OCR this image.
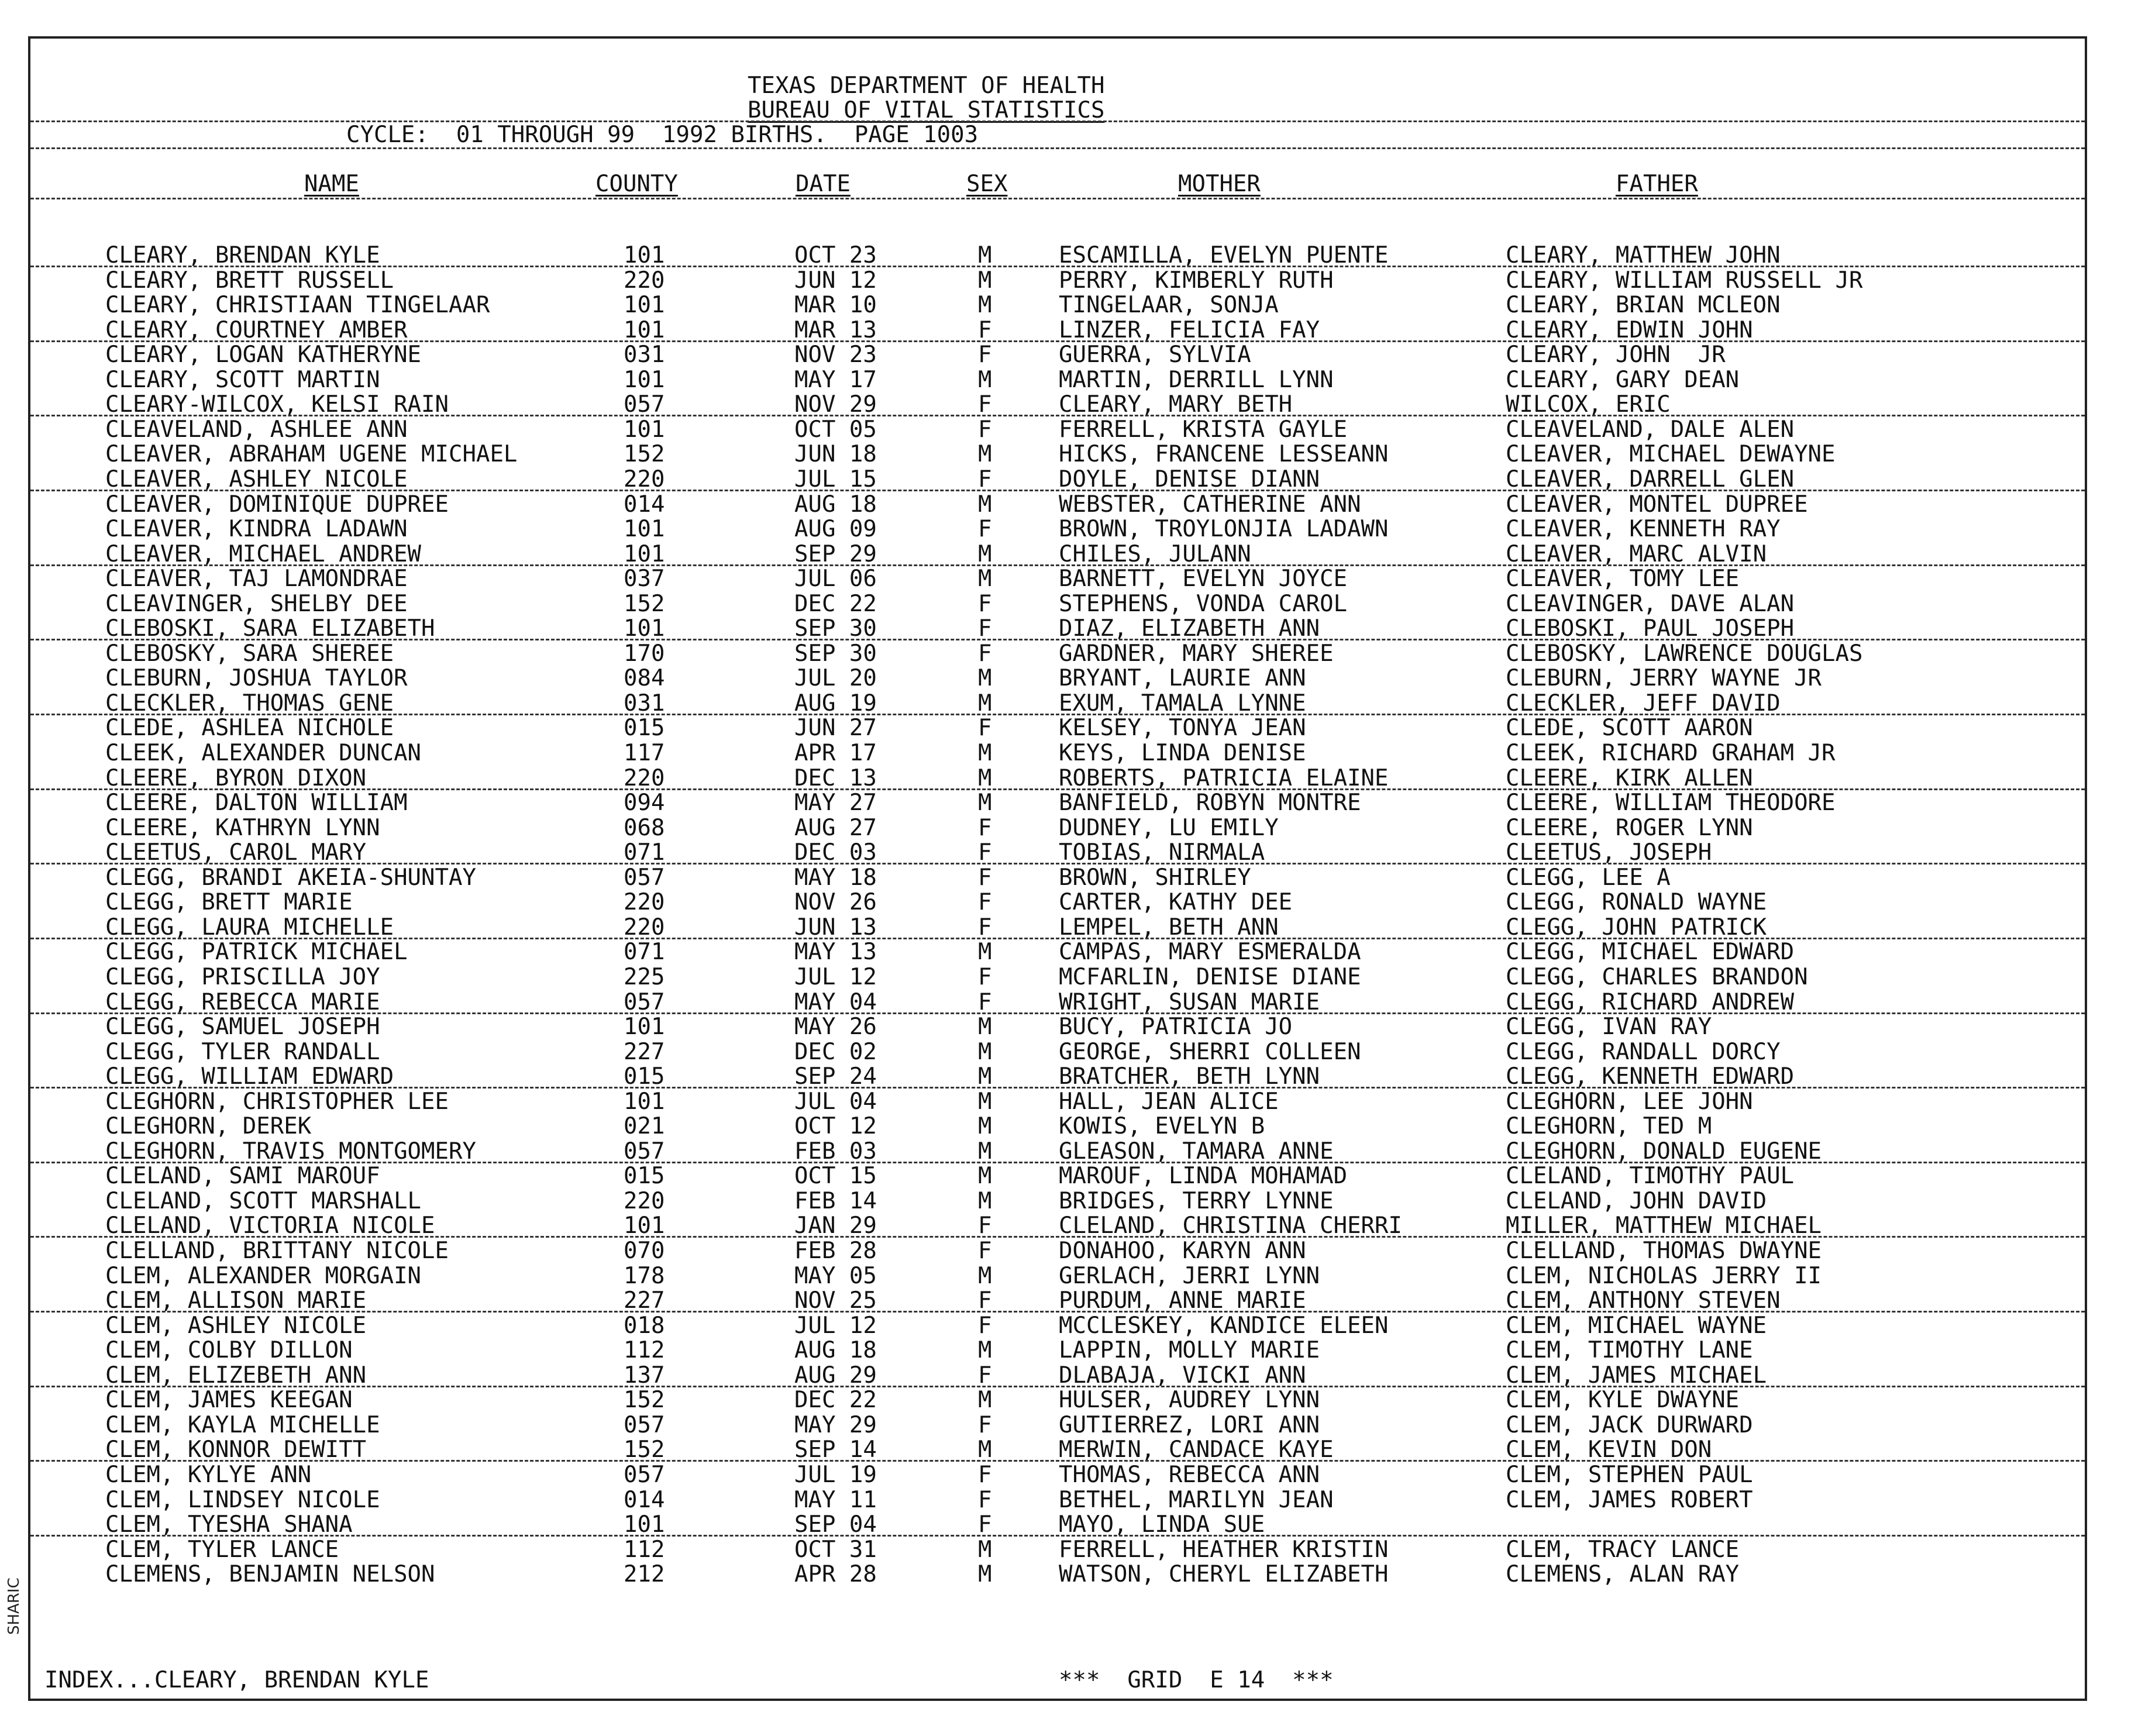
TEXAS DEPARTMENT OF HEALTH
BUREAU OF VITAL STATISTICS
CYCLE:  01 THROUGH 99  1992 BIRTHS.  PAGE 1003
NAME	COUNTY	DATE	SEX	MOTHER	FATHER
CLEARY, BRENDAN KYLE	101	OCT 23	M	ESCAMILLA, EVELYN PUENTE	CLEARY, MATTHEW JOHN
CLEARY, BRETT RUSSELL	220	JUN 12	M	PERRY, KIMBERLY RUTH	CLEARY, WILLIAM RUSSELL JR
CLEARY, CHRISTIAAN TINGELAAR	101	MAR 10	M	TINGELAAR, SONJA	CLEARY, BRIAN MCLEON
CLEARY, COURTNEY AMBER	101	MAR 13	F	LINZER, FELICIA FAY	CLEARY, EDWIN JOHN
CLEARY, LOGAN KATHERYNE	031	NOV 23	F	GUERRA, SYLVIA	CLEARY, JOHN  JR
CLEARY, SCOTT MARTIN	101	MAY 17	M	MARTIN, DERRILL LYNN	CLEARY, GARY DEAN
CLEARY-WILCOX, KELSI RAIN	057	NOV 29	F	CLEARY, MARY BETH	WILCOX, ERIC
CLEAVELAND, ASHLEE ANN	101	OCT 05	F	FERRELL, KRISTA GAYLE	CLEAVELAND, DALE ALEN
CLEAVER, ABRAHAM UGENE MICHAEL	152	JUN 18	M	HICKS, FRANCENE LESSEANN	CLEAVER, MICHAEL DEWAYNE
CLEAVER, ASHLEY NICOLE	220	JUL 15	F	DOYLE, DENISE DIANN	CLEAVER, DARRELL GLEN
CLEAVER, DOMINIQUE DUPREE	014	AUG 18	M	WEBSTER, CATHERINE ANN	CLEAVER, MONTEL DUPREE
CLEAVER, KINDRA LADAWN	101	AUG 09	F	BROWN, TROYLONJIA LADAWN	CLEAVER, KENNETH RAY
CLEAVER, MICHAEL ANDREW	101	SEP 29	M	CHILES, JULANN	CLEAVER, MARC ALVIN
CLEAVER, TAJ LAMONDRAE	037	JUL 06	M	BARNETT, EVELYN JOYCE	CLEAVER, TOMY LEE
CLEAVINGER, SHELBY DEE	152	DEC 22	F	STEPHENS, VONDA CAROL	CLEAVINGER, DAVE ALAN
CLEBOSKI, SARA ELIZABETH	101	SEP 30	F	DIAZ, ELIZABETH ANN	CLEBOSKI, PAUL JOSEPH
CLEBOSKY, SARA SHEREE	170	SEP 30	F	GARDNER, MARY SHEREE	CLEBOSKY, LAWRENCE DOUGLAS
CLEBURN, JOSHUA TAYLOR	084	JUL 20	M	BRYANT, LAURIE ANN	CLEBURN, JERRY WAYNE JR
CLECKLER, THOMAS GENE	031	AUG 19	M	EXUM, TAMALA LYNNE	CLECKLER, JEFF DAVID
CLEDE, ASHLEA NICHOLE	015	JUN 27	F	KELSEY, TONYA JEAN	CLEDE, SCOTT AARON
CLEEK, ALEXANDER DUNCAN	117	APR 17	M	KEYS, LINDA DENISE	CLEEK, RICHARD GRAHAM JR
CLEERE, BYRON DIXON	220	DEC 13	M	ROBERTS, PATRICIA ELAINE	CLEERE, KIRK ALLEN
CLEERE, DALTON WILLIAM	094	MAY 27	M	BANFIELD, ROBYN MONTRE	CLEERE, WILLIAM THEODORE
CLEERE, KATHRYN LYNN	068	AUG 27	F	DUDNEY, LU EMILY	CLEERE, ROGER LYNN
CLEETUS, CAROL MARY	071	DEC 03	F	TOBIAS, NIRMALA	CLEETUS, JOSEPH
CLEGG, BRANDI AKEIA-SHUNTAY	057	MAY 18	F	BROWN, SHIRLEY	CLEGG, LEE A
CLEGG, BRETT MARIE	220	NOV 26	F	CARTER, KATHY DEE	CLEGG, RONALD WAYNE
CLEGG, LAURA MICHELLE	220	JUN 13	F	LEMPEL, BETH ANN	CLEGG, JOHN PATRICK
CLEGG, PATRICK MICHAEL	071	MAY 13	M	CAMPAS, MARY ESMERALDA	CLEGG, MICHAEL EDWARD
CLEGG, PRISCILLA JOY	225	JUL 12	F	MCFARLIN, DENISE DIANE	CLEGG, CHARLES BRANDON
CLEGG, REBECCA MARIE	057	MAY 04	F	WRIGHT, SUSAN MARIE	CLEGG, RICHARD ANDREW
CLEGG, SAMUEL JOSEPH	101	MAY 26	M	BUCY, PATRICIA JO	CLEGG, IVAN RAY
CLEGG, TYLER RANDALL	227	DEC 02	M	GEORGE, SHERRI COLLEEN	CLEGG, RANDALL DORCY
CLEGG, WILLIAM EDWARD	015	SEP 24	M	BRATCHER, BETH LYNN	CLEGG, KENNETH EDWARD
CLEGHORN, CHRISTOPHER LEE	101	JUL 04	M	HALL, JEAN ALICE	CLEGHORN, LEE JOHN
CLEGHORN, DEREK	021	OCT 12	M	KOWIS, EVELYN B	CLEGHORN, TED M
CLEGHORN, TRAVIS MONTGOMERY	057	FEB 03	M	GLEASON, TAMARA ANNE	CLEGHORN, DONALD EUGENE
CLELAND, SAMI MAROUF	015	OCT 15	M	MAROUF, LINDA MOHAMAD	CLELAND, TIMOTHY PAUL
CLELAND, SCOTT MARSHALL	220	FEB 14	M	BRIDGES, TERRY LYNNE	CLELAND, JOHN DAVID
CLELAND, VICTORIA NICOLE	101	JAN 29	F	CLELAND, CHRISTINA CHERRI	MILLER, MATTHEW MICHAEL
CLELLAND, BRITTANY NICOLE	070	FEB 28	F	DONAHOO, KARYN ANN	CLELLAND, THOMAS DWAYNE
CLEM, ALEXANDER MORGAIN	178	MAY 05	M	GERLACH, JERRI LYNN	CLEM, NICHOLAS JERRY II
CLEM, ALLISON MARIE	227	NOV 25	F	PURDUM, ANNE MARIE	CLEM, ANTHONY STEVEN
CLEM, ASHLEY NICOLE	018	JUL 12	F	MCCLESKEY, KANDICE ELEEN	CLEM, MICHAEL WAYNE
CLEM, COLBY DILLON	112	AUG 18	M	LAPPIN, MOLLY MARIE	CLEM, TIMOTHY LANE
CLEM, ELIZEBETH ANN	137	AUG 29	F	DLABAJA, VICKI ANN	CLEM, JAMES MICHAEL
CLEM, JAMES KEEGAN	152	DEC 22	M	HULSER, AUDREY LYNN	CLEM, KYLE DWAYNE
CLEM, KAYLA MICHELLE	057	MAY 29	F	GUTIERREZ, LORI ANN	CLEM, JACK DURWARD
CLEM, KONNOR DEWITT	152	SEP 14	M	MERWIN, CANDACE KAYE	CLEM, KEVIN DON
CLEM, KYLYE ANN	057	JUL 19	F	THOMAS, REBECCA ANN	CLEM, STEPHEN PAUL
CLEM, LINDSEY NICOLE	014	MAY 11	F	BETHEL, MARILYN JEAN	CLEM, JAMES ROBERT
CLEM, TYESHA SHANA	101	SEP 04	F	MAYO, LINDA SUE
CLEM, TYLER LANCE	112	OCT 31	M	FERRELL, HEATHER KRISTIN	CLEM, TRACY LANCE
CLEMENS, BENJAMIN NELSON	212	APR 28	M	WATSON, CHERYL ELIZABETH	CLEMENS, ALAN RAY
INDEX...CLEARY, BRENDAN KYLE	***  GRID  E 14  ***
SHARIC
